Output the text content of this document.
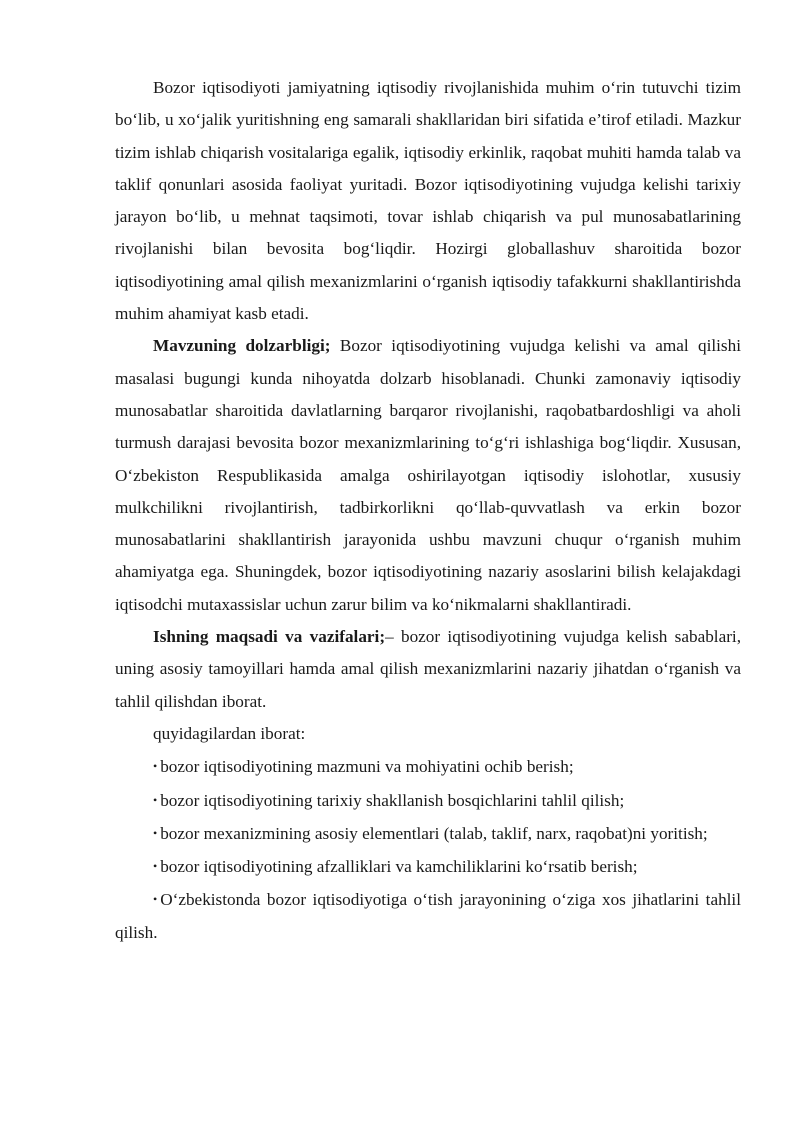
Bozor iqtisodiyoti jamiyatning iqtisodiy rivojlanishida muhim o‘rin tutuvchi tizim bo‘lib, u xo‘jalik yuritishning eng samarali shakllaridan biri sifatida e’tirof etiladi. Mazkur tizim ishlab chiqarish vositalariga egalik, iqtisodiy erkinlik, raqobat muhiti hamda talab va taklif qonunlari asosida faoliyat yuritadi. Bozor iqtisodiyotining vujudga kelishi tarixiy jarayon bo‘lib, u mehnat taqsimoti, tovar ishlab chiqarish va pul munosabatlarining rivojlanishi bilan bevosita bog‘liqdir. Hozirgi globallashuv sharoitida bozor iqtisodiyotining amal qilish mexanizmlarini o‘rganish iqtisodiy tafakkurni shakllantirishda muhim ahamiyat kasb etadi.

Mavzuning dolzarbligi; Bozor iqtisodiyotining vujudga kelishi va amal qilishi masalasi bugungi kunda nihoyatda dolzarb hisoblanadi. Chunki zamonaviy iqtisodiy munosabatlar sharoitida davlatlarning barqaror rivojlanishi, raqobatbardoshligi va aholi turmush darajasi bevosita bozor mexanizmlarining to‘g‘ri ishlashiga bog‘liqdir. Xususan, O‘zbekiston Respublikasida amalga oshirilayotgan iqtisodiy islohotlar, xususiy mulkchilikni rivojlantirish, tadbirkorlikni qo‘llab-quvvatlash va erkin bozor munosabatlarini shakllantirish jarayonida ushbu mavzuni chuqur o‘rganish muhim ahamiyatga ega. Shuningdek, bozor iqtisodiyotining nazariy asoslarini bilish kelajakdagi iqtisodchi mutaxassislar uchun zarur bilim va ko‘nikmalarni shakllantiradi.

Ishning maqsadi va vazifalari;– bozor iqtisodiyotining vujudga kelish sabablari, uning asosiy tamoyillari hamda amal qilish mexanizmlarini nazariy jihatdan o‘rganish va tahlil qilishdan iborat.

quyidagilardan iborat:

• bozor iqtisodiyotining mazmuni va mohiyatini ochib berish;

• bozor iqtisodiyotining tarixiy shakllanish bosqichlarini tahlil qilish;

• bozor mexanizmining asosiy elementlari (talab, taklif, narx, raqobat)ni yoritish;

• bozor iqtisodiyotining afzalliklari va kamchiliklarini ko‘rsatib berish;

• O‘zbekistonda bozor iqtisodiyotiga o‘tish jarayonining o‘ziga xos jihatlarini tahlil qilish.
